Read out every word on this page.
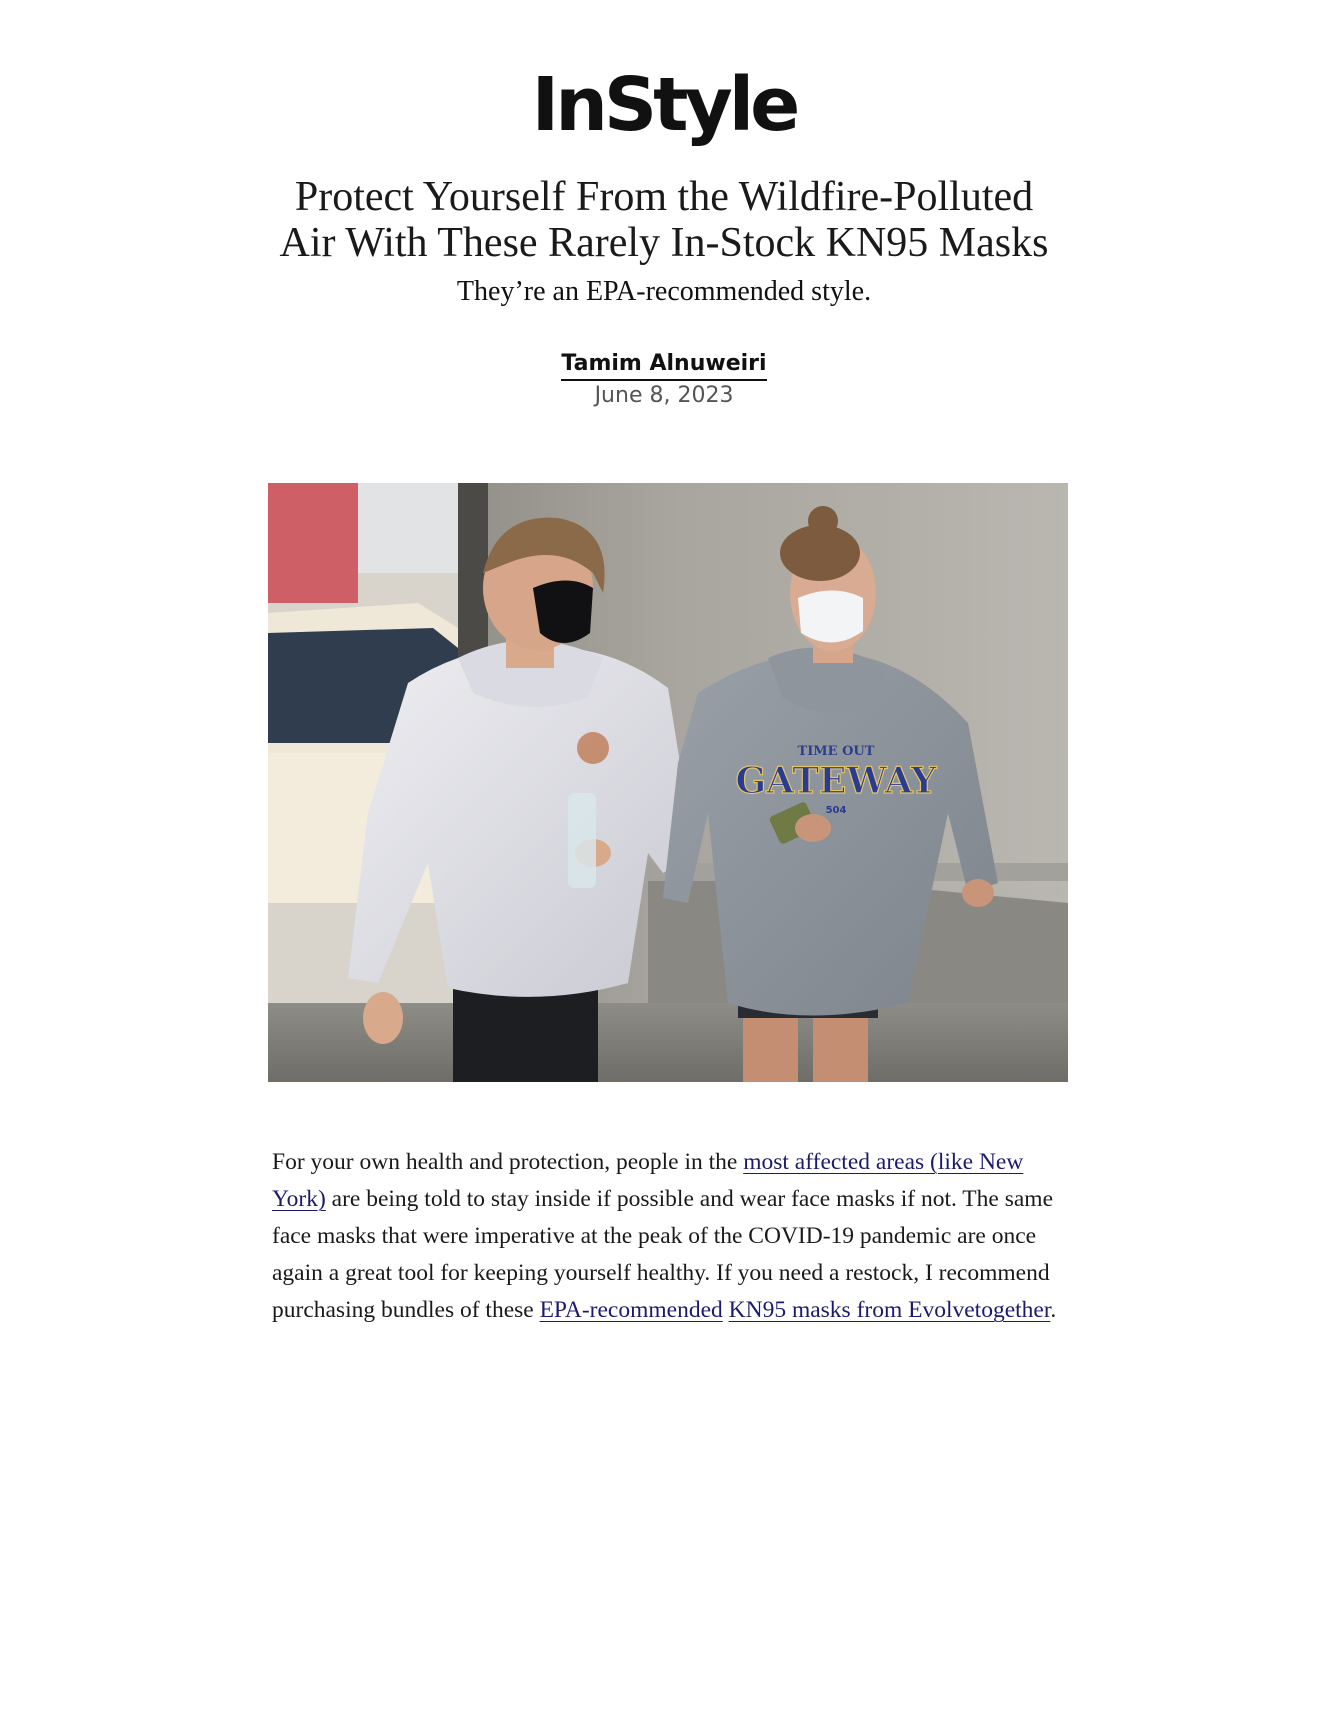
InStyle
Protect Yourself From the Wildfire-Polluted Air With These Rarely In-Stock KN95 Masks

They’re an EPA-recommended style.

Tamim Alnuweiri
June 8, 2023
TIME OUT
GATEWAY
504

For your own health and protection, people in the most affected areas (like New York) are being told to stay inside if possible and wear face masks if not. The same face masks that were imperative at the peak of the COVID-19 pandemic are once again a great tool for keeping yourself healthy. If you need a restock, I recommend purchasing bundles of these EPA-recommended KN95 masks from Evolvetogether.
